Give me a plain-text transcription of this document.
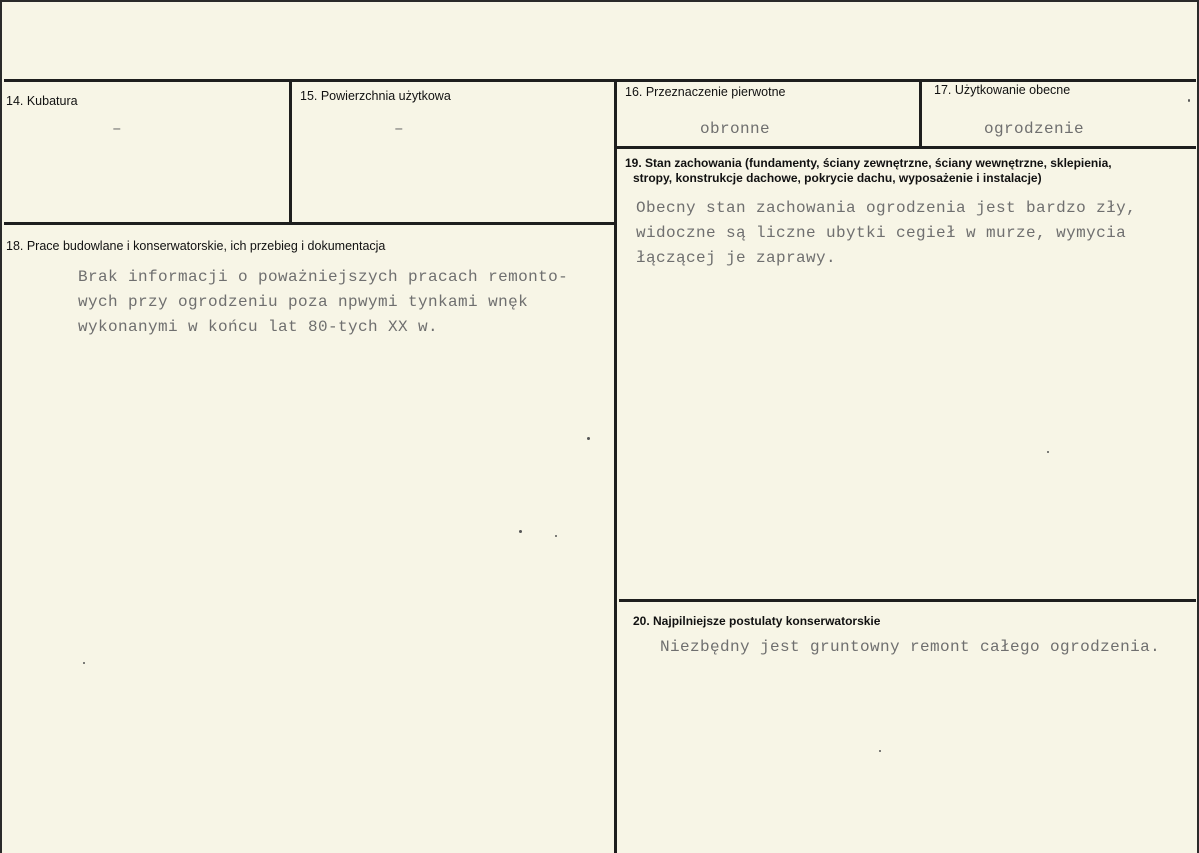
14. Kubatura
–
15. Powierzchnia użytkowa
–
16. Przeznaczenie pierwotne
obronne
17. Użytkowanie obecne
ogrodzenie
18. Prace budowlane i konserwatorskie, ich przebieg i dokumentacja
Brak informacji o poważniejszych pracach remonto-
wych przy ogrodzeniu poza npwymi tynkami wnęk
wykonanymi w końcu lat 80-tych XX w.
19. Stan zachowania (fundamenty, ściany zewnętrzne, ściany wewnętrzne, sklepienia,
stropy, konstrukcje dachowe, pokrycie dachu, wyposażenie i instalacje)
Obecny stan zachowania ogrodzenia jest bardzo zły,
widoczne są liczne ubytki cegieł w murze, wymycia
łączącej je zaprawy.
20. Najpilniejsze postulaty konserwatorskie
Niezbędny jest gruntowny remont całego ogrodzenia.
